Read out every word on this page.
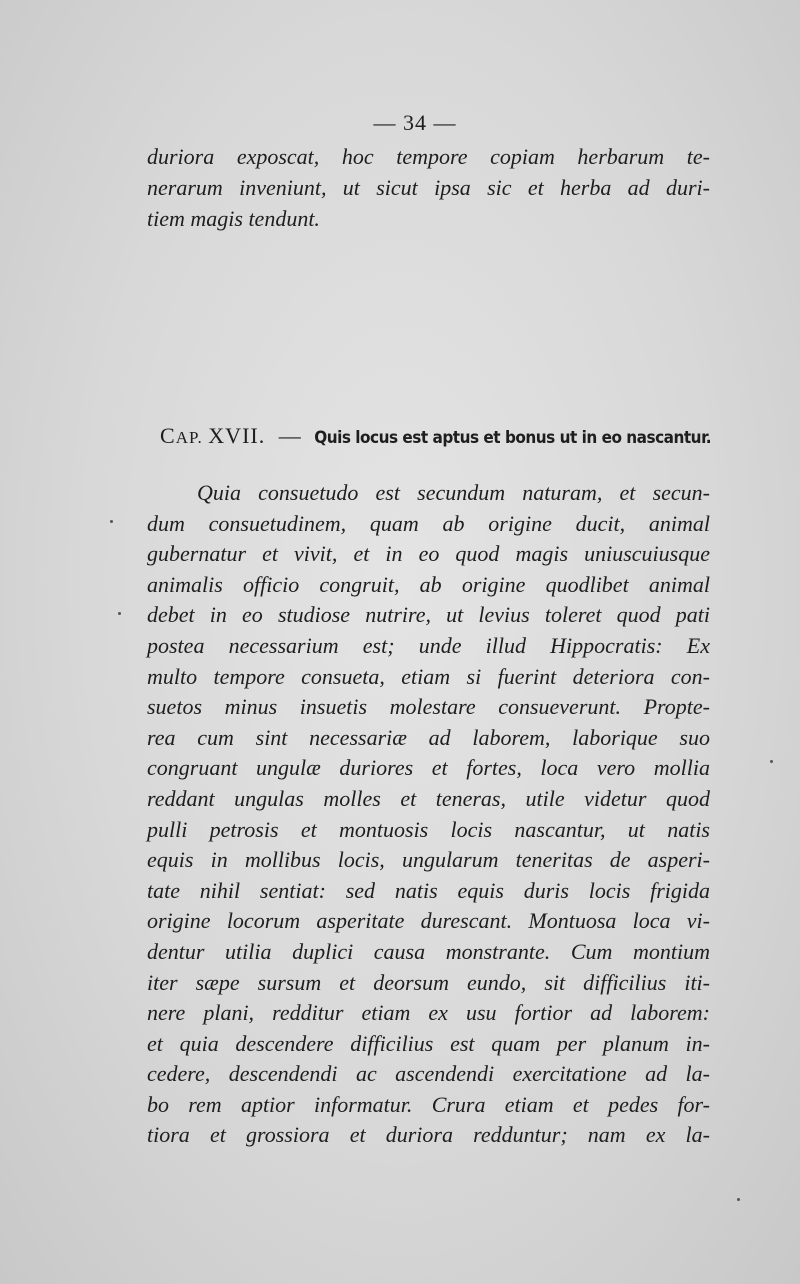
— 34 —
duriora exposcat, hoc tempore copiam herbarum te-
nerarum inveniunt, ut sicut ipsa sic et herba ad duri-
tiem magis tendunt.
CAP. XVII. — Quis locus est aptus et bonus ut in eo nascantur.
Quia consuetudo est secundum naturam, et secun-
dum consuetudinem, quam ab origine ducit, animal
gubernatur et vivit, et in eo quod magis uniuscuiusque
animalis officio congruit, ab origine quodlibet animal
debet in eo studiose nutrire, ut levius toleret quod pati
postea necessarium est; unde illud Hippocratis: Ex
multo tempore consueta, etiam si fuerint deteriora con-
suetos minus insuetis molestare consueverunt. Propte-
rea cum sint necessariæ ad laborem, laborique suo
congruant ungulæ duriores et fortes, loca vero mollia
reddant ungulas molles et teneras, utile videtur quod
pulli petrosis et montuosis locis nascantur, ut natis
equis in mollibus locis, ungularum teneritas de asperi-
tate nihil sentiat: sed natis equis duris locis frigida
origine locorum asperitate durescant. Montuosa loca vi-
dentur utilia duplici causa monstrante. Cum montium
iter sæpe sursum et deorsum eundo, sit difficilius iti-
nere plani, redditur etiam ex usu fortior ad laborem:
et quia descendere difficilius est quam per planum in-
cedere, descendendi ac ascendendi exercitatione ad la-
bo rem aptior informatur. Crura etiam et pedes for-
tiora et grossiora et duriora redduntur; nam ex la-
